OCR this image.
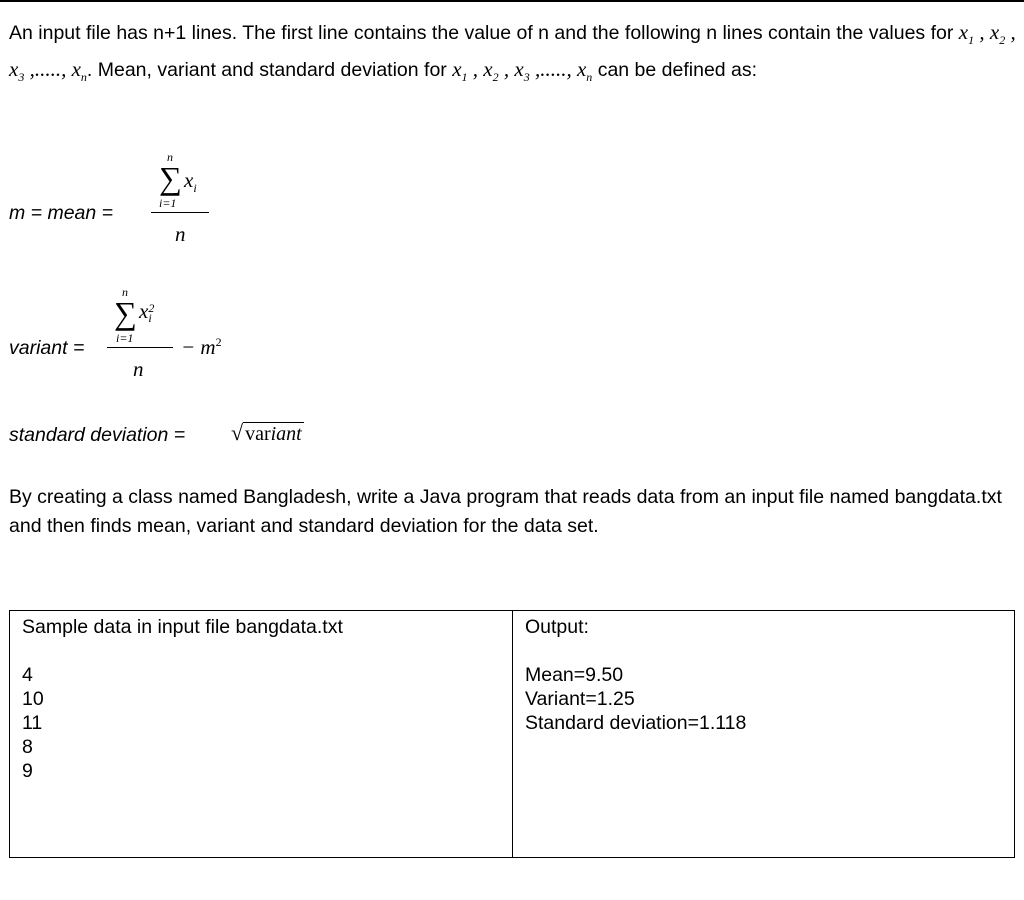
An input file has n+1 lines. The first line contains the value of n and the following n lines contain the values for $x_1$ , $x_2$ , $x_3$ ,....., $x_n$. Mean, variant and standard deviation for $x_1$ , $x_2$ , $x_3$ ,....., $x_n$ can be defined as:
m = mean =
n
∑ $x_i$
i=1
n
variant =
n
∑ x 2
i
i=1
n
− $m^2$
standard deviation = √ variant
By creating a class named Bangladesh, write a Java program that reads data from an input file named bangdata.txt and then finds mean, variant and standard deviation for the data set.
Sample data in input file bangdata.txt
4
10
11
8
9

Output:
Mean=9.50
Variant=1.25
Standard deviation=1.118
